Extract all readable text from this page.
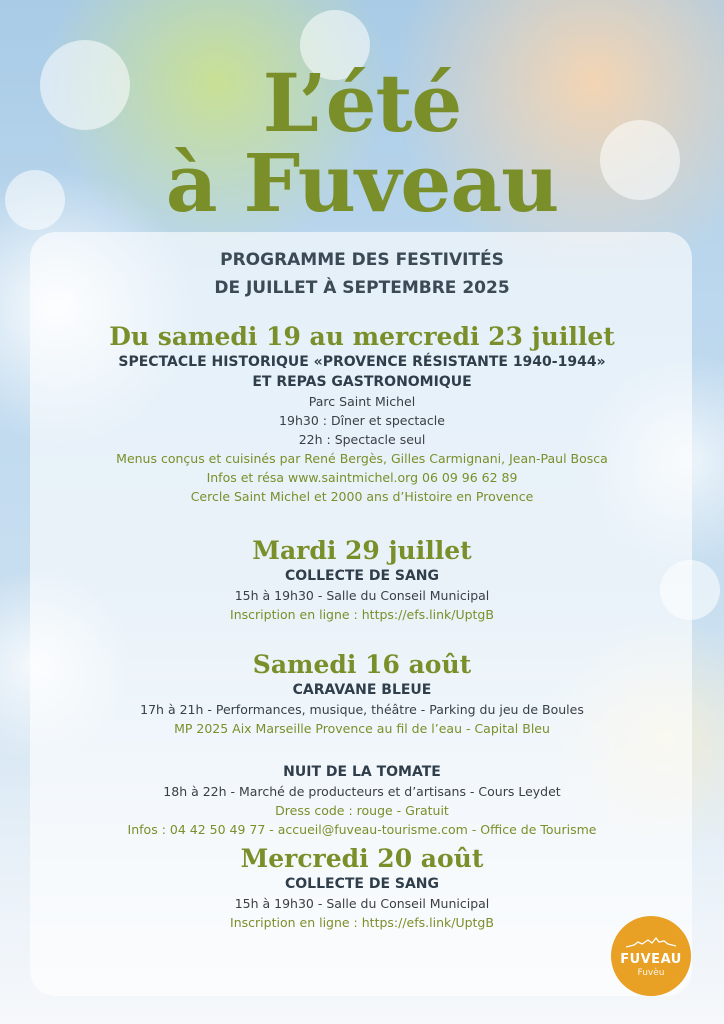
L’été
à Fuveau
PROGRAMME DES FESTIVITÉS
DE JUILLET À SEPTEMBRE 2025
Du samedi 19 au mercredi 23 juillet
SPECTACLE HISTORIQUE «PROVENCE RÉSISTANTE 1940-1944»
ET REPAS GASTRONOMIQUE
Parc Saint Michel
19h30 : Dîner et spectacle
22h : Spectacle seul
Menus conçus et cuisinés par René Bergès, Gilles Carmignani, Jean-Paul Bosca
Infos et résa www.saintmichel.org 06 09 96 62 89
Cercle Saint Michel et 2000 ans d’Histoire en Provence
Mardi 29 juillet
COLLECTE DE SANG
15h à 19h30 - Salle du Conseil Municipal
Inscription en ligne : https://efs.link/UptgB
Samedi 16 août
CARAVANE BLEUE
17h à 21h - Performances, musique, théâtre - Parking du jeu de Boules
MP 2025 Aix Marseille Provence au fil de l’eau - Capital Bleu
NUIT DE LA TOMATE
18h à 22h - Marché de producteurs et d’artisans - Cours Leydet
Dress code : rouge - Gratuit
Infos : 04 42 50 49 77 - accueil@fuveau-tourisme.com - Office de Tourisme
Mercredi 20 août
COLLECTE DE SANG
15h à 19h30 - Salle du Conseil Municipal
Inscription en ligne : https://efs.link/UptgB
FUVEAU
Fuvèu
